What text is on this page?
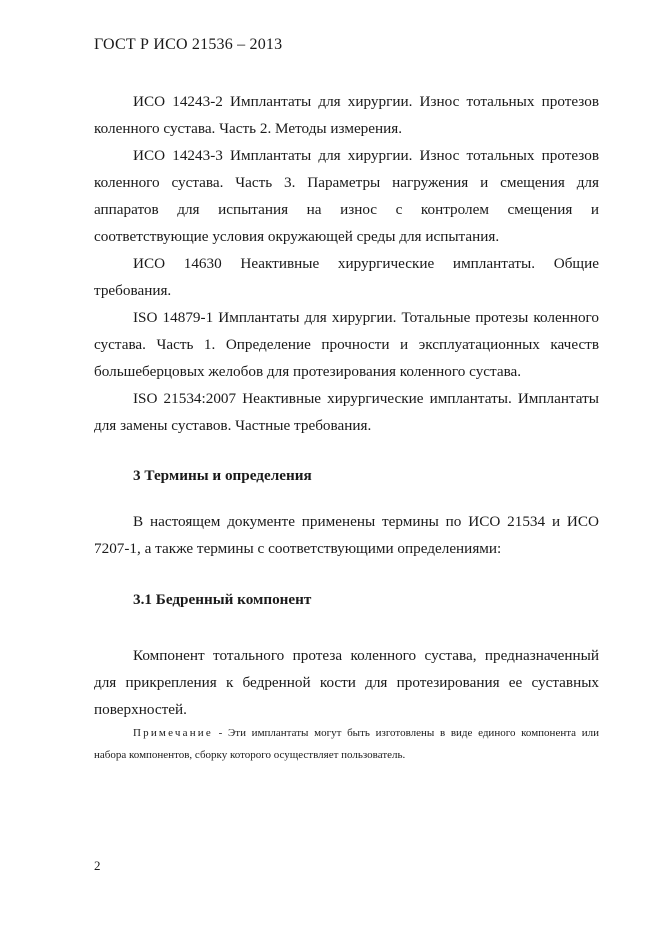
ГОСТ Р ИСО 21536 – 2013

ИСО 14243-2 Имплантаты для хирургии. Износ тотальных протезов коленного сустава. Часть 2. Методы измерения.

ИСО 14243-3 Имплантаты для хирургии. Износ тотальных протезов коленного сустава. Часть 3. Параметры нагружения и смещения для аппаратов для испытания на износ с контролем смещения и соответствующие условия окружающей среды для испытания.

ИСО 14630 Неактивные хирургические имплантаты. Общие требования.

ISO 14879-1 Имплантаты для хирургии. Тотальные протезы коленного сустава. Часть 1. Определение прочности и эксплуатационных качеств большеберцовых желобов для протезирования коленного сустава.

ISO 21534:2007 Неактивные хирургические имплантаты. Имплантаты для замены суставов. Частные требования.

3 Термины и определения

В настоящем документе применены термины по ИСО 21534 и ИСО 7207-1, а также термины с соответствующими определениями:

3.1 Бедренный компонент

Компонент тотального протеза коленного сустава, предназначенный для прикрепления к бедренной кости для протезирования ее суставных поверхностей.

Примечание - Эти имплантаты могут быть изготовлены в виде единого компонента или набора компонентов, сборку которого осуществляет пользователь.

2
